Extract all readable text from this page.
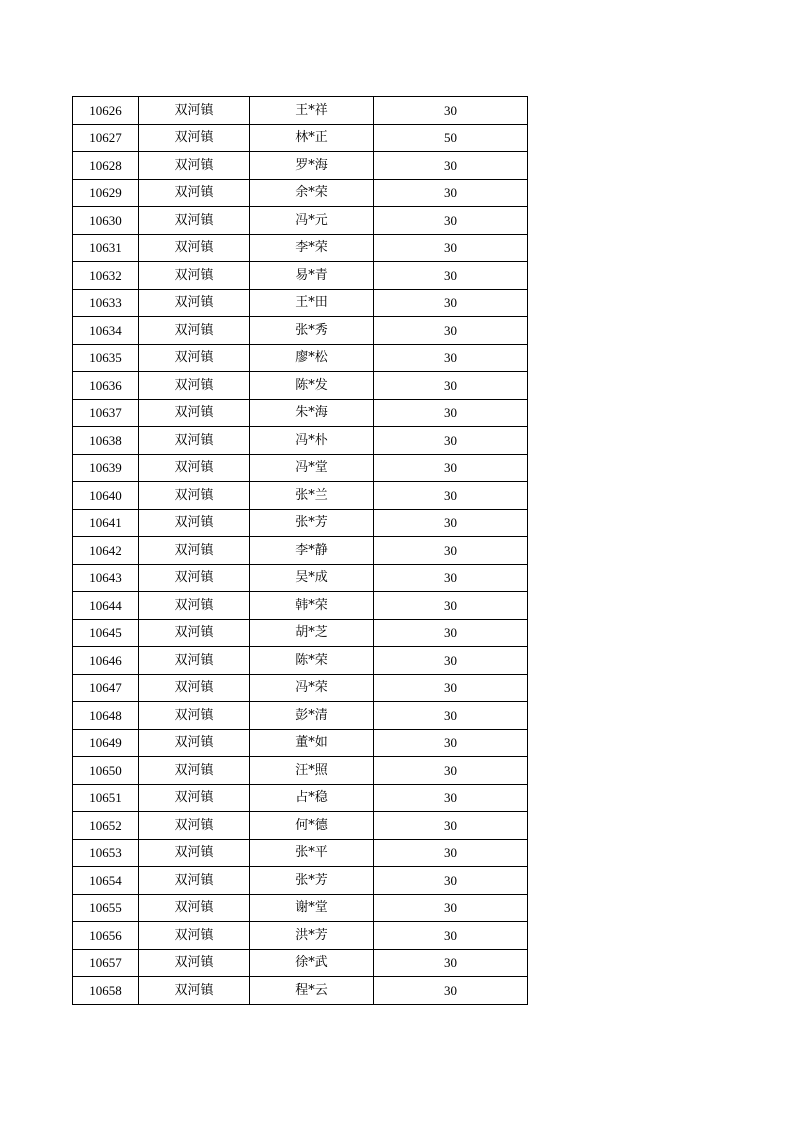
10626	双河镇	王*祥	30
10627	双河镇	林*正	50
10628	双河镇	罗*海	30
10629	双河镇	余*荣	30
10630	双河镇	冯*元	30
10631	双河镇	李*荣	30
10632	双河镇	易*青	30
10633	双河镇	王*田	30
10634	双河镇	张*秀	30
10635	双河镇	廖*松	30
10636	双河镇	陈*发	30
10637	双河镇	朱*海	30
10638	双河镇	冯*朴	30
10639	双河镇	冯*堂	30
10640	双河镇	张*兰	30
10641	双河镇	张*芳	30
10642	双河镇	李*静	30
10643	双河镇	吴*成	30
10644	双河镇	韩*荣	30
10645	双河镇	胡*芝	30
10646	双河镇	陈*荣	30
10647	双河镇	冯*荣	30
10648	双河镇	彭*清	30
10649	双河镇	董*如	30
10650	双河镇	汪*照	30
10651	双河镇	占*稳	30
10652	双河镇	何*德	30
10653	双河镇	张*平	30
10654	双河镇	张*芳	30
10655	双河镇	谢*堂	30
10656	双河镇	洪*芳	30
10657	双河镇	徐*武	30
10658	双河镇	程*云	30
